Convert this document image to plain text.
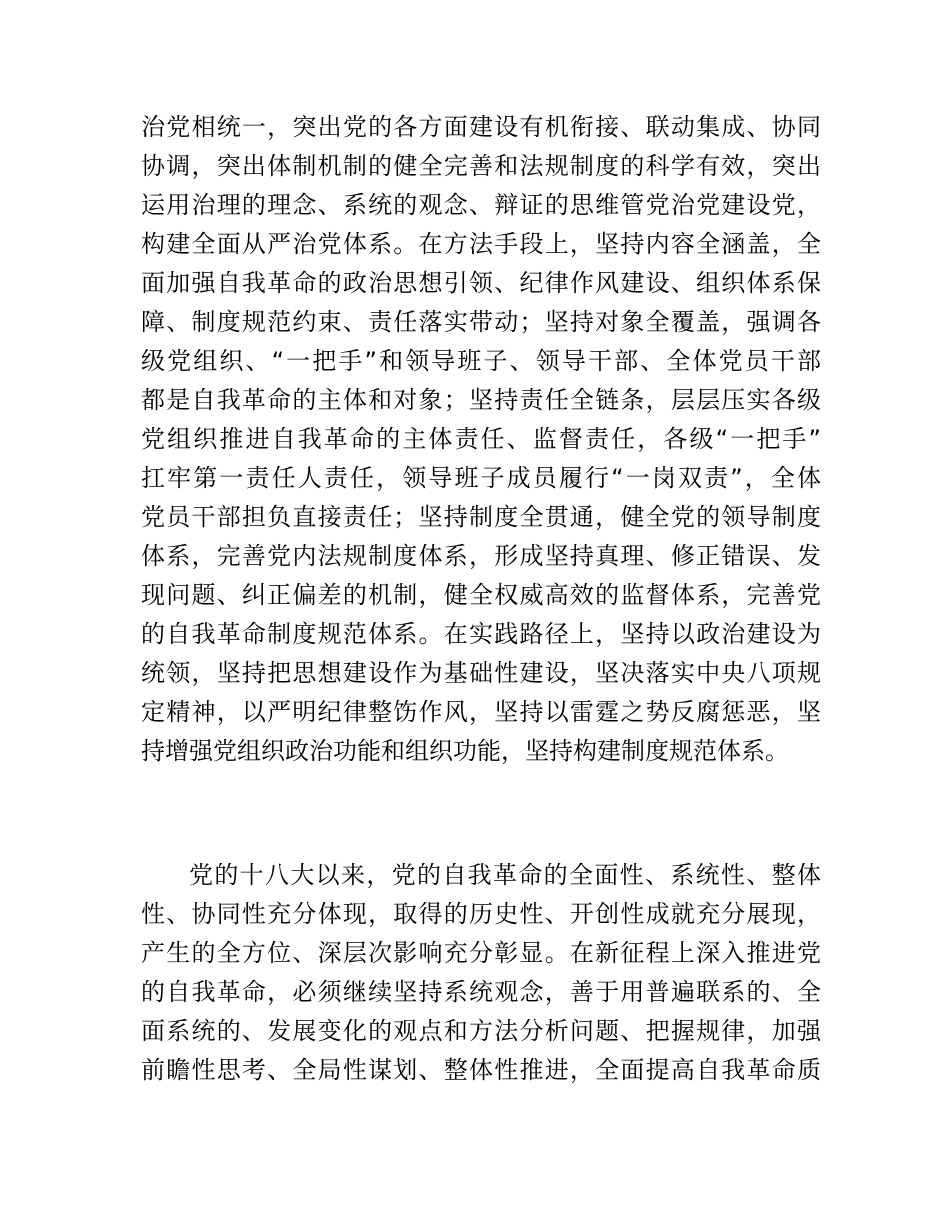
治党相统一，突出党的各方面建设有机衔接、联动集成、协同
协调，突出体制机制的健全完善和法规制度的科学有效，突出
运用治理的理念、系统的观念、辩证的思维管党治党建设党，
构建全面从严治党体系。在方法手段上，坚持内容全涵盖，全
面加强自我革命的政治思想引领、纪律作风建设、组织体系保
障、制度规范约束、责任落实带动；坚持对象全覆盖，强调各
级党组织、“一把手”和领导班子、领导干部、全体党员干部
都是自我革命的主体和对象；坚持责任全链条，层层压实各级
党组织推进自我革命的主体责任、监督责任，各级“一把手”
扛牢第一责任人责任，领导班子成员履行“一岗双责”，全体
党员干部担负直接责任；坚持制度全贯通，健全党的领导制度
体系，完善党内法规制度体系，形成坚持真理、修正错误、发
现问题、纠正偏差的机制，健全权威高效的监督体系，完善党
的自我革命制度规范体系。在实践路径上，坚持以政治建设为
统领，坚持把思想建设作为基础性建设，坚决落实中央八项规
定精神，以严明纪律整饬作风，坚持以雷霆之势反腐惩恶，坚
持增强党组织政治功能和组织功能，坚持构建制度规范体系。
党的十八大以来，党的自我革命的全面性、系统性、整体
性、协同性充分体现，取得的历史性、开创性成就充分展现，
产生的全方位、深层次影响充分彰显。在新征程上深入推进党
的自我革命，必须继续坚持系统观念，善于用普遍联系的、全
面系统的、发展变化的观点和方法分析问题、把握规律，加强
前瞻性思考、全局性谋划、整体性推进，全面提高自我革命质
